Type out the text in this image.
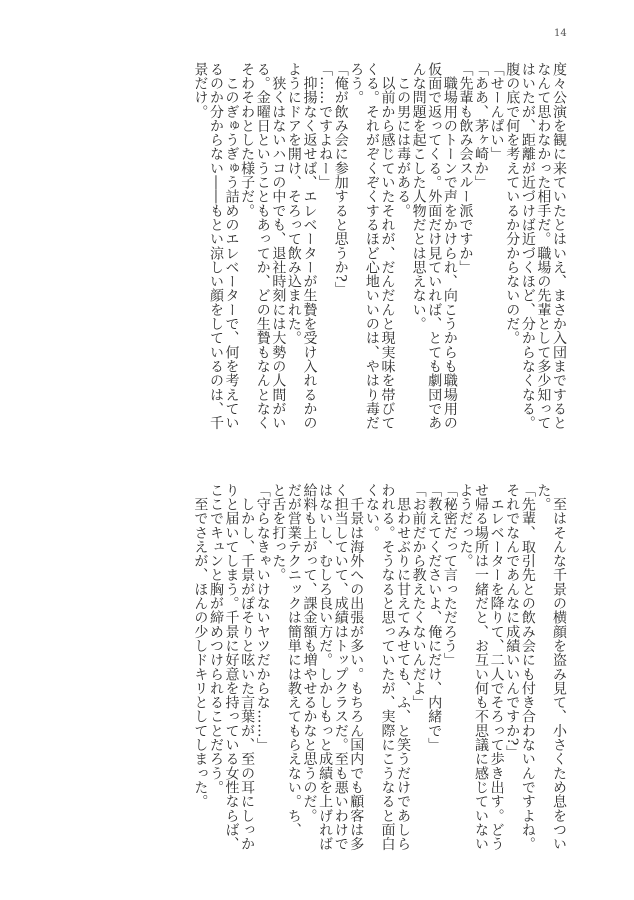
14
度々公演を観に来ていたとはいえ、まさか入団まですると
なんて思わなかった相手だ。職場の先輩として多少知って
はいたが、距離が近づけば近づくほど、分からなくなる。
腹の底で何を考えているか分からないのだ。
「せーんぱい」
「ああ、茅ヶ崎か」
「先輩も飲み会スルー派ですか」
　職場用のトーンで声をかけられ、向こうからも職場用の
仮面で返ってくる。外面だけ見ていれば、とても劇団であ
んな問題を起こした人物だとは思えない。
　この男には毒がある。
　以前から感じていたそれが、だんだんと現実味を帯びて
くる。それがぞくぞくするほど心地いいのは、やはり毒だ
ろう。
「俺が飲み会に参加すると思うか?」
「……ですよねー」
　抑揚なく返せば、エレベーターが生贄を受け入れるかの
ようにドアを開け、そろって飲み込まれた。
　狭くはないハコの中でも、退社時刻には大勢の人間がい
る。金曜日ということもあってか、どの生贄もなんとなく
そわそわとした様子だ。
　このぎゅうぎゅう詰めのエレベーターで、何を考えてい
るのか分からない――もとい涼しい顔をしているのは、千
景だけ。
　至はそんな千景の横顔を盗み見て、小さくため息をつい
た。
「先輩、取引先との飲み会にも付き合わないんですよね。
それでなんであんなに成績いいんですか?」
　エレベーターを降りて、二人でそろって歩き出す。どう
せ帰る場所は一緒だと、お互い何も不思議に感じていない
ようだった。
「秘密だって言っただろう」
「教えてくださいよ、俺にだけ、内緒で」
「お前だから教えたくないんだよ」
　思わせぶりに甘えてみせても、ふ、と笑うだけであしら
われる。そうなると思っていたが、実際にこうなると面白
くない。
　千景は海外への出張が多い。もちろん国内でも顧客は多
く担当していて、成績はトップクラスだ。至も悪いわけで
はないし、むしろ良い方だ。しかしもっと成績を上げれば
給料も上がって、課金額も増やせるかなと思うのだ。
だが営業テクニックは簡単には教えてもらえない。ち、
と舌を打った。
「守らなきゃいけないヤツだからな……」
　しかし、千景がぽそりと呟いた言葉が、至の耳にしっか
りと届いてしまう。千景に好意を持っている女性ならば、
ここでキュンと胸が締めつけられることだろう。
　至でさえが、ほんの少しドキリとしてしまった。
